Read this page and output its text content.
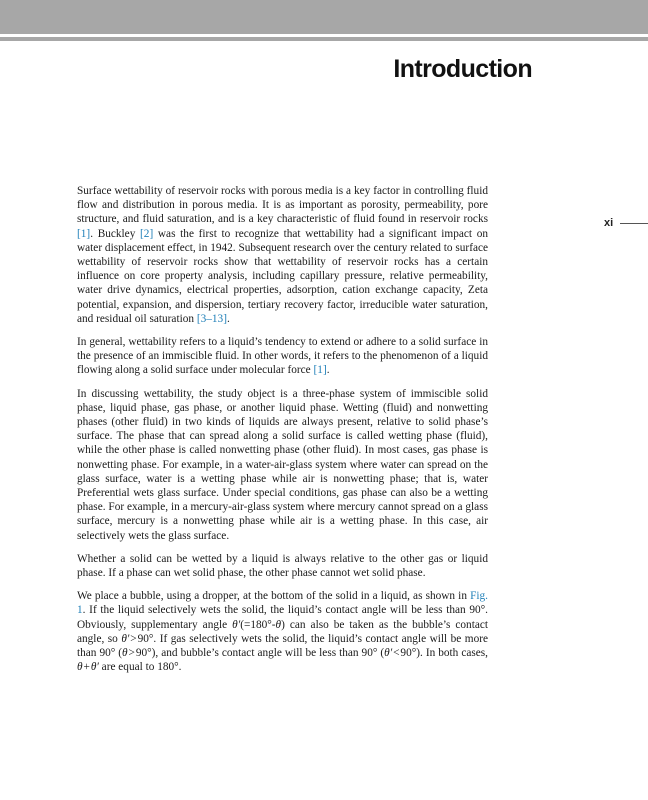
Introduction
xi

Surface wettability of reservoir rocks with porous media is a key factor in controlling fluid flow and distribution in porous media. It is as important as porosity, permeability, pore structure, and fluid saturation, and is a key characteristic of fluid found in reservoir rocks [1]. Buckley [2] was the first to recognize that wettability had a significant impact on water displacement effect, in 1942. Subsequent research over the century related to surface wettability of reservoir rocks show that wettability of reservoir rocks has a certain influence on core property analysis, including capillary pressure, relative permeability, water drive dynamics, electrical properties, adsorption, cation exchange capacity, Zeta potential, expansion, and dispersion, tertiary recovery factor, irreducible water saturation, and residual oil saturation [3–13].

In general, wettability refers to a liquid’s tendency to extend or adhere to a solid surface in the presence of an immiscible fluid. In other words, it refers to the phenomenon of a liquid flowing along a solid surface under molecular force [1].

In discussing wettability, the study object is a three-phase system of immiscible solid phase, liquid phase, gas phase, or another liquid phase. Wetting (fluid) and nonwetting phases (other fluid) in two kinds of liquids are always present, relative to solid phase’s surface. The phase that can spread along a solid surface is called wetting phase (fluid), while the other phase is called nonwetting phase (other fluid). In most cases, gas phase is nonwetting phase. For example, in a water-air-glass system where water can spread on the glass surface, water is a wetting phase while air is nonwetting phase; that is, water Preferential wets glass surface. Under special conditions, gas phase can also be a wetting phase. For example, in a mercury-air-glass system where mercury cannot spread on a glass surface, mercury is a nonwetting phase while air is a wetting phase. In this case, air selectively wets the glass surface.

Whether a solid can be wetted by a liquid is always relative to the other gas or liquid phase. If a phase can wet solid phase, the other phase cannot wet solid phase.

We place a bubble, using a dropper, at the bottom of the solid in a liquid, as shown in Fig. 1. If the liquid selectively wets the solid, the liquid’s contact angle will be less than 90°. Obviously, supplementary angle θ′(=180°-θ) can also be taken as the bubble’s contact angle, so θ′ > 90°. If gas selectively wets the solid, the liquid’s contact angle will be more than 90° (θ > 90°), and bubble’s contact angle will be less than 90° (θ′ < 90°). In both cases, θ + θ′ are equal to 180°.
